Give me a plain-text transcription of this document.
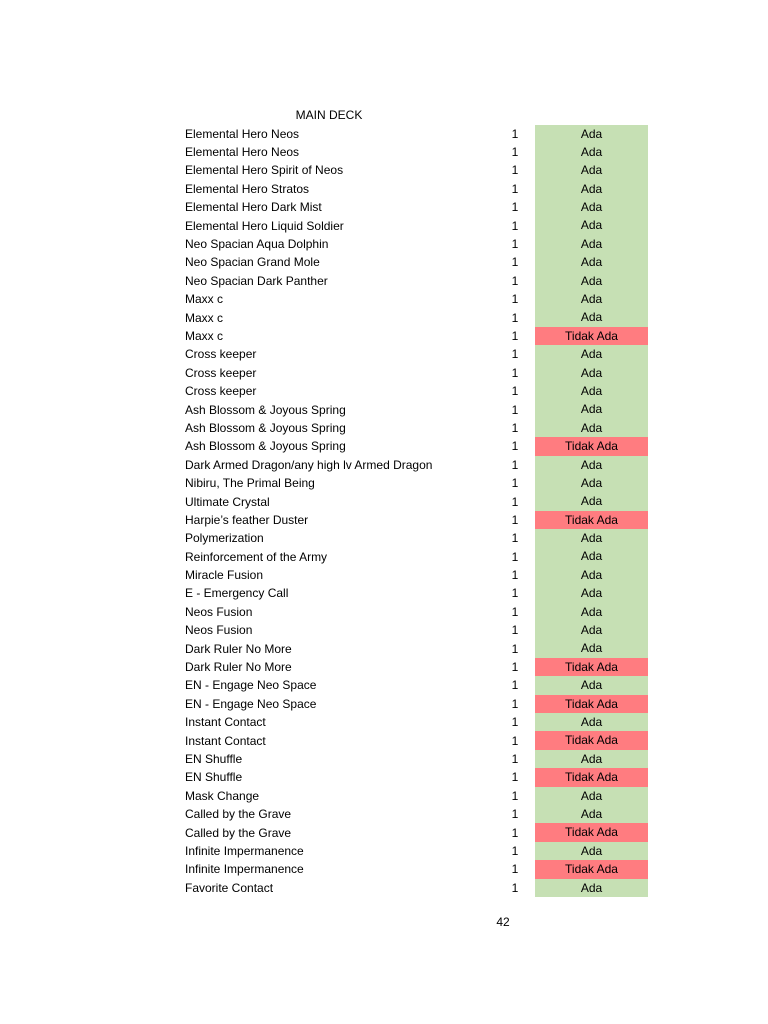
MAIN DECK
Elemental Hero Neos	1	Ada
Elemental Hero Neos	1	Ada
Elemental Hero Spirit of Neos	1	Ada
Elemental Hero Stratos	1	Ada
Elemental Hero Dark Mist	1	Ada
Elemental Hero Liquid Soldier	1	Ada
Neo Spacian Aqua Dolphin	1	Ada
Neo Spacian Grand Mole	1	Ada
Neo Spacian Dark Panther	1	Ada
Maxx c	1	Ada
Maxx c	1	Ada
Maxx c	1	Tidak Ada
Cross keeper	1	Ada
Cross keeper	1	Ada
Cross keeper	1	Ada
Ash Blossom & Joyous Spring	1	Ada
Ash Blossom & Joyous Spring	1	Ada
Ash Blossom & Joyous Spring	1	Tidak Ada
Dark Armed Dragon/any high lv Armed Dragon	1	Ada
Nibiru, The Primal Being	1	Ada
Ultimate Crystal	1	Ada
Harpie’s feather Duster	1	Tidak Ada
Polymerization	1	Ada
Reinforcement of the Army	1	Ada
Miracle Fusion	1	Ada
E - Emergency Call	1	Ada
Neos Fusion	1	Ada
Neos Fusion	1	Ada
Dark Ruler No More	1	Ada
Dark Ruler No More	1	Tidak Ada
EN - Engage Neo Space	1	Ada
EN - Engage Neo Space	1	Tidak Ada
Instant Contact	1	Ada
Instant Contact	1	Tidak Ada
EN Shuffle	1	Ada
EN Shuffle	1	Tidak Ada
Mask Change	1	Ada
Called by the Grave	1	Ada
Called by the Grave	1	Tidak Ada
Infinite Impermanence	1	Ada
Infinite Impermanence	1	Tidak Ada
Favorite Contact	1	Ada
42
